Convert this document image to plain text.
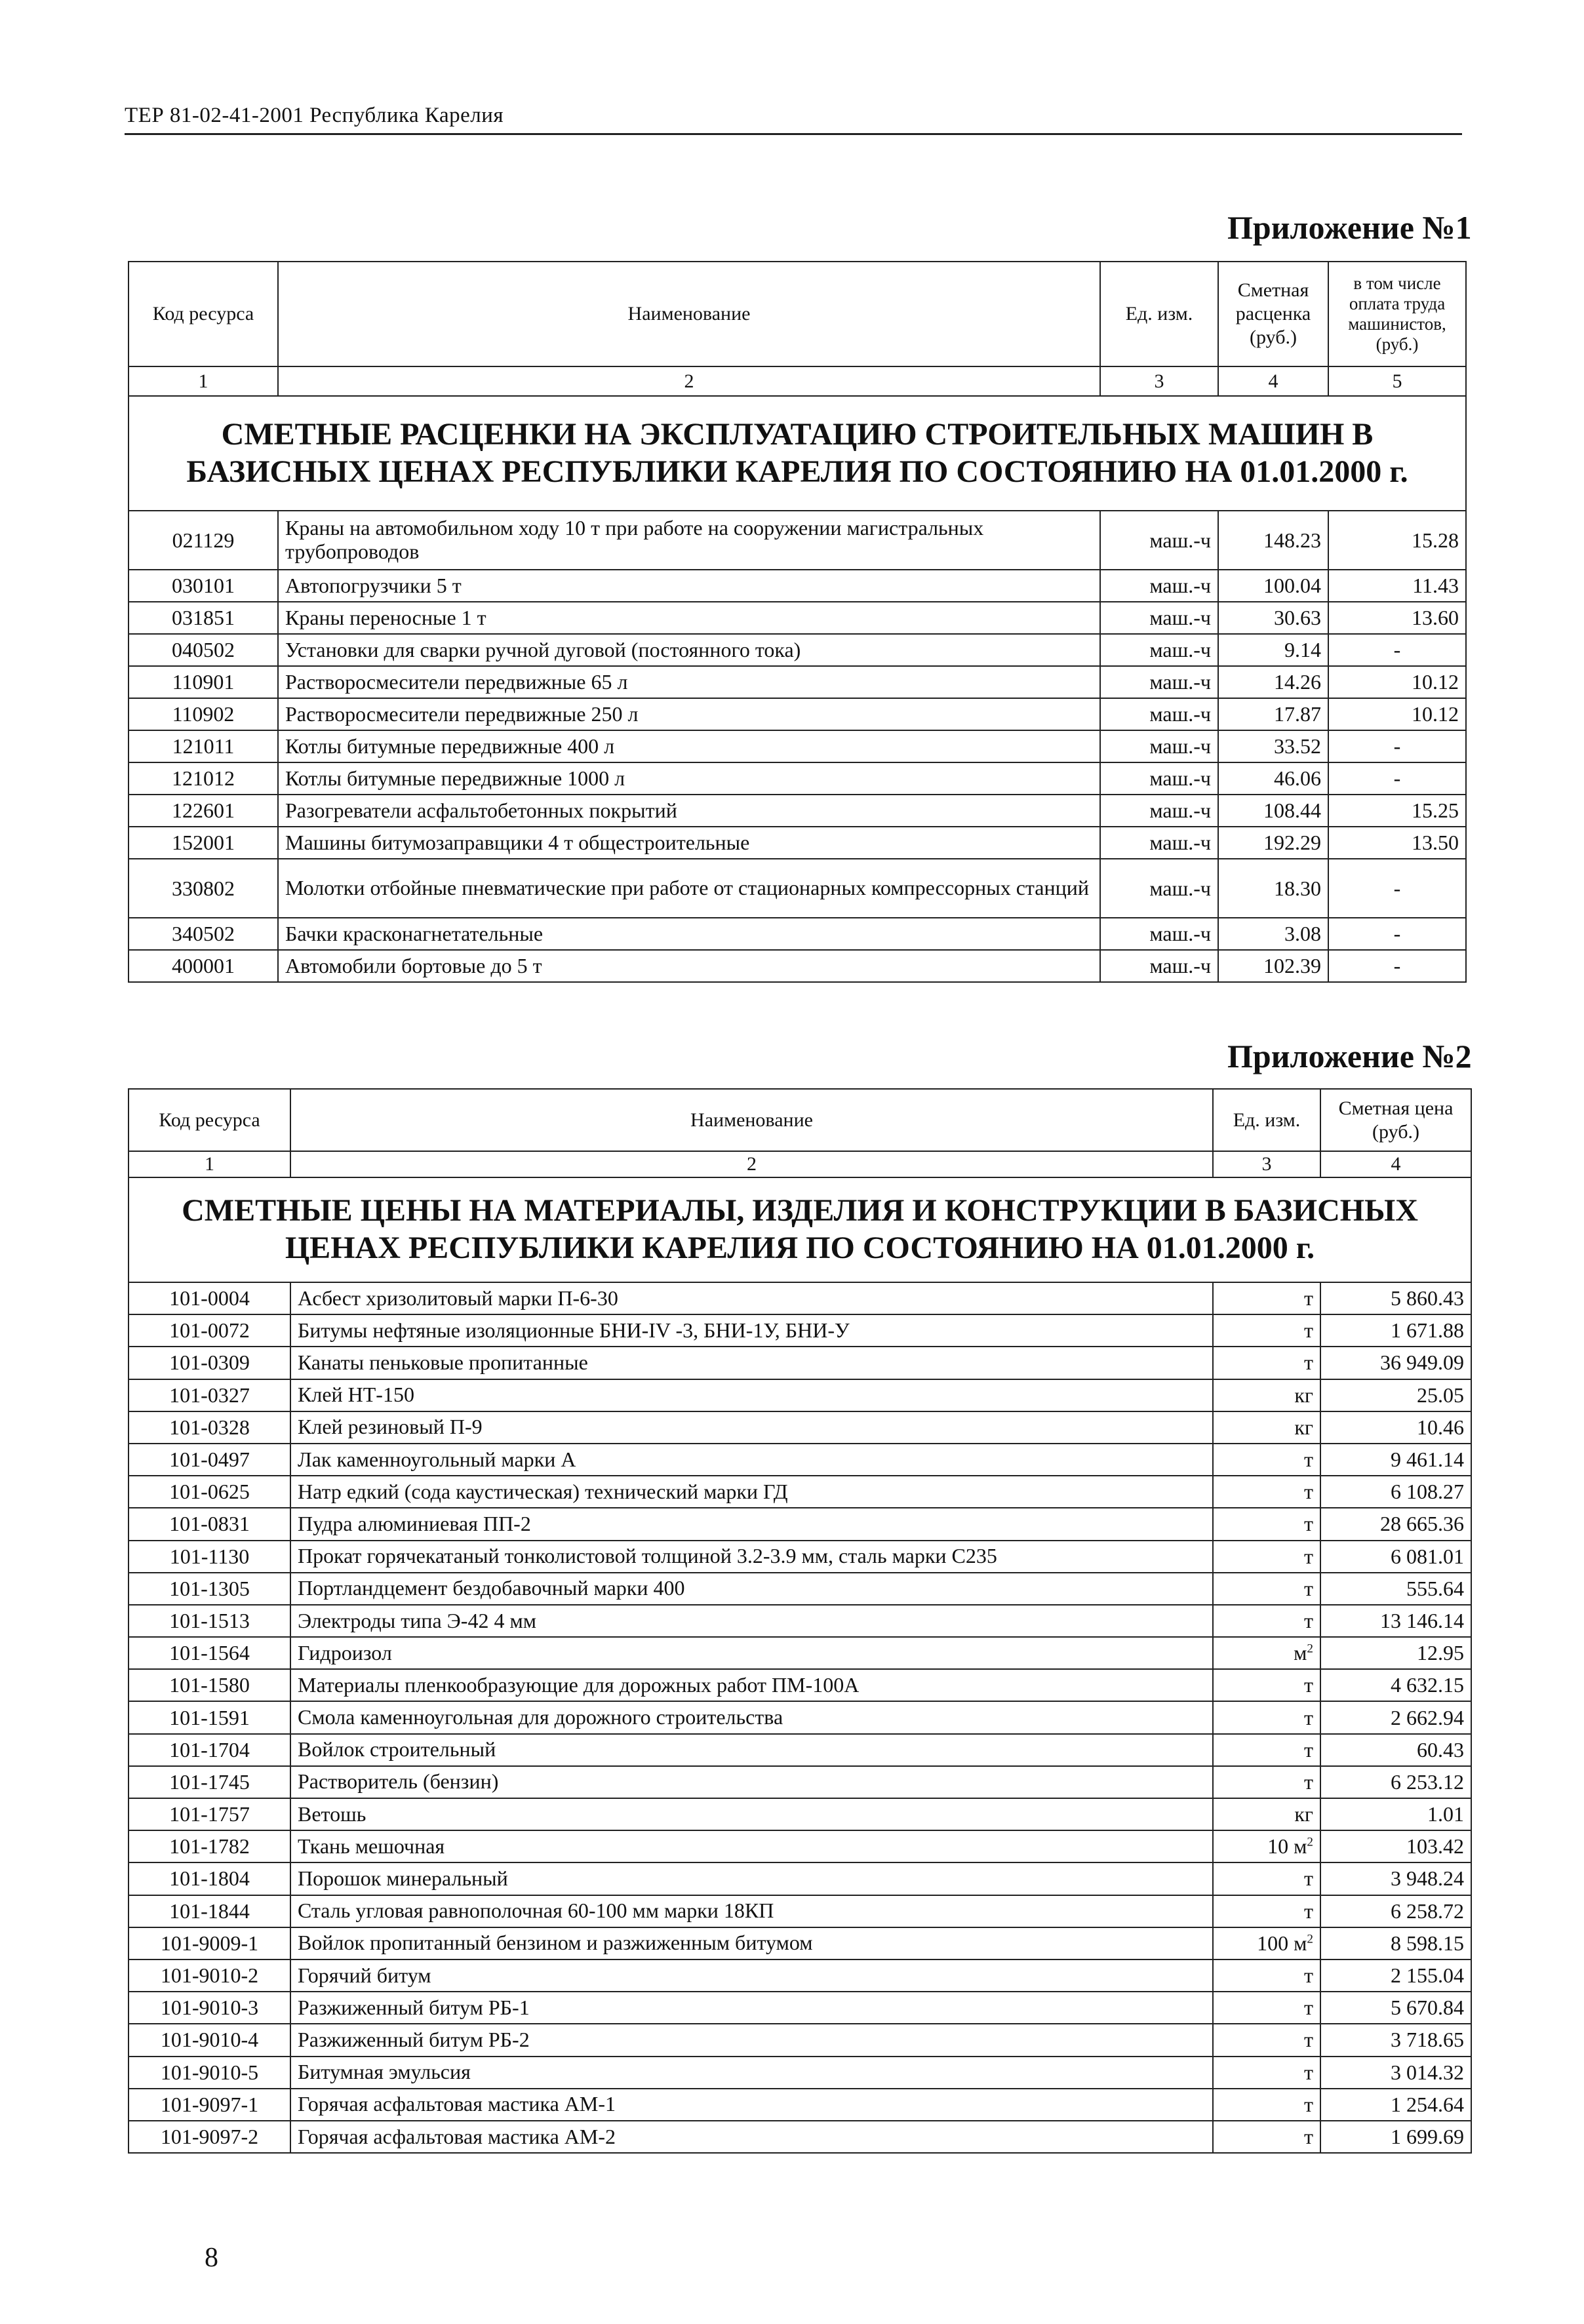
ТЕР 81-02-41-2001 Республика Карелия
Приложение №1
Код ресурса	Наименование	Ед. изм.	Сметная расценка (руб.)	в том числе оплата труда машинистов, (руб.)
1	2	3	4	5
СМЕТНЫЕ РАСЦЕНКИ НА ЭКСПЛУАТАЦИЮ СТРОИТЕЛЬНЫХ МАШИН В БАЗИСНЫХ ЦЕНАХ РЕСПУБЛИКИ КАРЕЛИЯ ПО СОСТОЯНИЮ НА 01.01.2000 г.				
021129	Краны на автомобильном ходу 10 т при работе на сооружении магистральных трубопроводов	маш.-ч	148.23	15.28
030101	Автопогрузчики 5 т	маш.-ч	100.04	11.43
031851	Краны переносные 1 т	маш.-ч	30.63	13.60
040502	Установки для сварки ручной дуговой (постоянного тока)	маш.-ч	9.14	-
110901	Растворосмесители передвижные 65 л	маш.-ч	14.26	10.12
110902	Растворосмесители передвижные 250 л	маш.-ч	17.87	10.12
121011	Котлы битумные передвижные 400 л	маш.-ч	33.52	-
121012	Котлы битумные передвижные 1000 л	маш.-ч	46.06	-
122601	Разогреватели асфальтобетонных покрытий	маш.-ч	108.44	15.25
152001	Машины битумозаправщики 4 т общестроительные	маш.-ч	192.29	13.50
330802	Молотки отбойные пневматические при работе от стационарных компрессорных станций	маш.-ч	18.30	-
340502	Бачки красконагнетательные	маш.-ч	3.08	-
400001	Автомобили бортовые до 5 т	маш.-ч	102.39	-
Приложение №2
Код ресурса	Наименование	Ед. изм.	Сметная цена (руб.)
1	2	3	4
СМЕТНЫЕ ЦЕНЫ НА МАТЕРИАЛЫ, ИЗДЕЛИЯ И КОНСТРУКЦИИ В БАЗИСНЫХ ЦЕНАХ РЕСПУБЛИКИ КАРЕЛИЯ ПО СОСТОЯНИЮ НА 01.01.2000 г.			
101-0004	Асбест хризолитовый марки П-6-30	т	5 860.43
101-0072	Битумы нефтяные изоляционные БНИ-IV -3, БНИ-1У, БНИ-У	т	1 671.88
101-0309	Канаты пеньковые пропитанные	т	36 949.09
101-0327	Клей НТ-150	кг	25.05
101-0328	Клей резиновый П-9	кг	10.46
101-0497	Лак каменноугольный марки А	т	9 461.14
101-0625	Натр едкий (сода каустическая) технический марки ГД	т	6 108.27
101-0831	Пудра алюминиевая ПП-2	т	28 665.36
101-1130	Прокат горячекатаный тонколистовой толщиной 3.2-3.9 мм, сталь марки С235	т	6 081.01
101-1305	Портландцемент бездобавочный марки 400	т	555.64
101-1513	Электроды типа Э-42 4 мм	т	13 146.14
101-1564	Гидроизол	$м^2$	12.95
101-1580	Материалы пленкообразующие для дорожных работ ПМ-100А	т	4 632.15
101-1591	Смола каменноугольная для дорожного строительства	т	2 662.94
101-1704	Войлок строительный	т	60.43
101-1745	Растворитель (бензин)	т	6 253.12
101-1757	Ветошь	кг	1.01
101-1782	Ткань мешочная	10 $м^2$	103.42
101-1804	Порошок минеральный	т	3 948.24
101-1844	Сталь угловая равнополочная 60-100 мм марки 18КП	т	6 258.72
101-9009-1	Войлок пропитанный бензином и разжиженным битумом	100 $м^2$	8 598.15
101-9010-2	Горячий битум	т	2 155.04
101-9010-3	Разжиженный битум РБ-1	т	5 670.84
101-9010-4	Разжиженный битум РБ-2	т	3 718.65
101-9010-5	Битумная эмульсия	т	3 014.32
101-9097-1	Горячая асфальтовая мастика АМ-1	т	1 254.64
101-9097-2	Горячая асфальтовая мастика АМ-2	т	1 699.69
8
